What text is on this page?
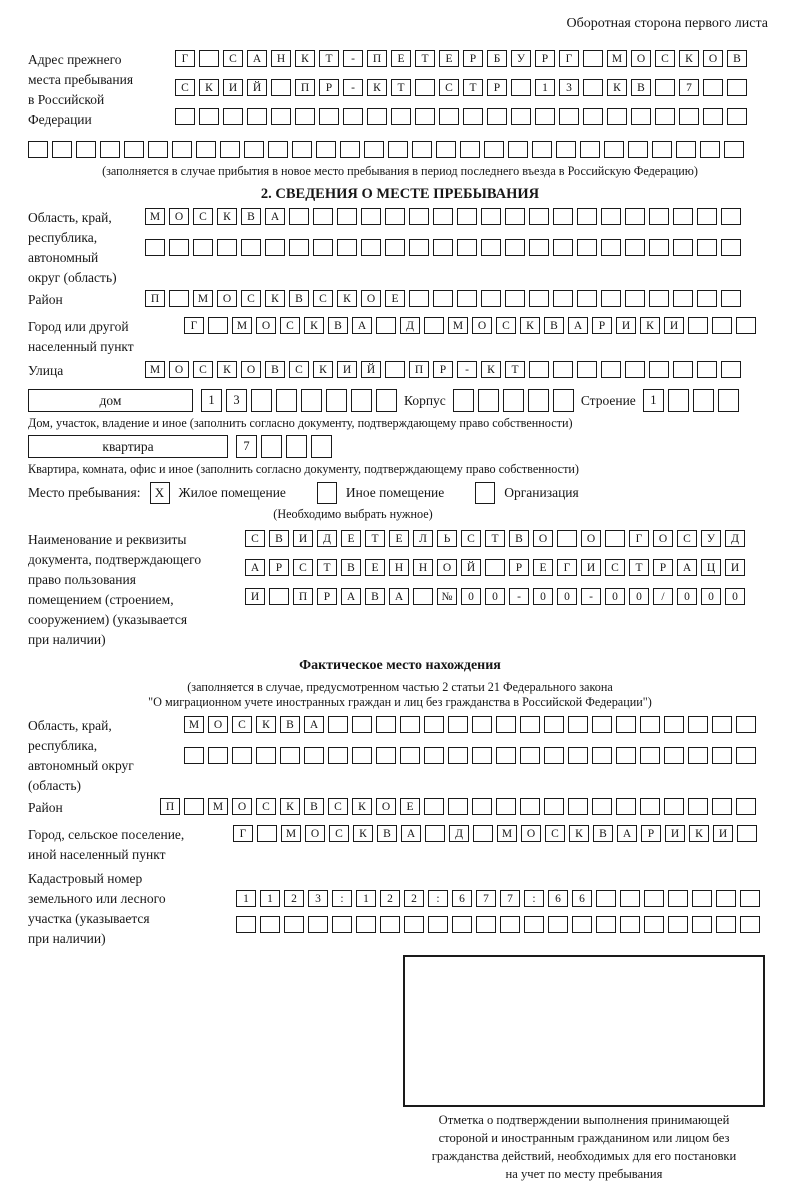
Оборотная сторона первого листа
Адрес прежнего
места пребывания
в Российской
Федерации
Г	С А Н К Т - П Е Т Е Р Б У Р Г	М О С К О В
С К И Й	П Р - К Т	С Т Р	1 3	К В	7
(заполняется в случае прибытия в новое место пребывания в период последнего въезда в Российскую Федерацию)
2. СВЕДЕНИЯ О МЕСТЕ ПРЕБЫВАНИЯ
Область, край,
республика,
автономный
округ (область)
М О С К В А
Район	П	М О С К В С К О Е
Город или другой
населенный пункт
Г	М О С К В А	Д	М О С К В А Р И К И
Улица	М О С К О В С К И Й	П Р - К Т
дом	1 3	Корпус	Строение	1
Дом, участок, владение и иное (заполнить согласно документу, подтверждающему право собственности)
квартира	7
Квартира, комната, офис и иное (заполнить согласно документу, подтверждающему право собственности)
Место пребывания:	X	Жилое помещение	Иное помещение	Организация
(Необходимо выбрать нужное)
Наименование и реквизиты
документа, подтверждающего
право пользования
помещением (строением,
сооружением) (указывается
при наличии)
С В И Д Е Т Е Л Ь С Т В О	О	Г О С У Д
А Р С Т В Е Н Н О Й	Р Е Г И С Т Р А Ц И
И	П Р А В А	№ 0 0 - 0 0 - 0 0 / 0 0 0
Фактическое место нахождения
(заполняется в случае, предусмотренном частью 2 статьи 21 Федерального закона
"О миграционном учете иностранных граждан и лиц без гражданства в Российской Федерации")
Область, край,
республика,
автономный округ
(область)
М О С К В А
Район	П	М О С К В С К О Е
Город, сельское поселение,
иной населенный пункт
Г	М О С К В А	Д	М О С К В А Р И К И
Кадастровый номер
земельного или лесного
участка (указывается
при наличии)
1 1 2 3 : 1 2 2 : 6 7 7 : 6 6
Отметка о подтверждении выполнения принимающей
стороной и иностранным гражданином или лицом без
гражданства действий, необходимых для его постановки
на учет по месту пребывания
